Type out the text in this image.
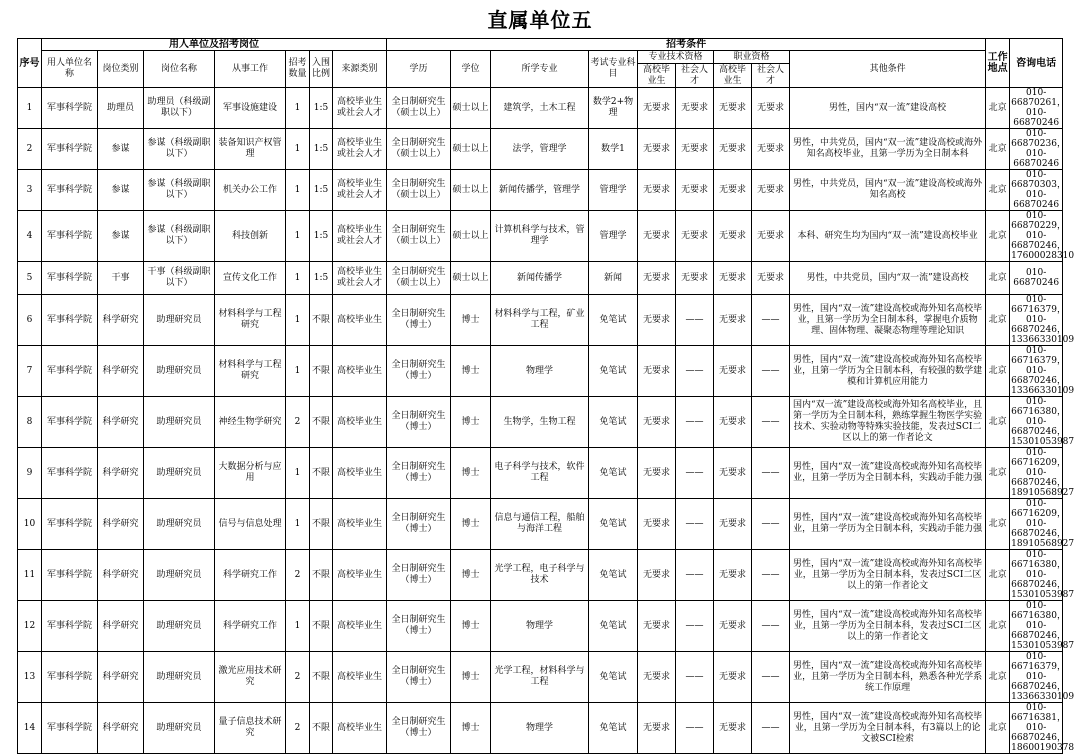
直属单位五
序号	用人单位及招考岗位							招考条件									工作地点	咨询电话
	用人单位名　称	岗位类别	岗位名称	从事工作	招考数量	入围比例	来源类别	学历	学位	所学专业	考试专业科　目	专业技术资格		职业资格		其他条件		
												高校毕业生	社会人才	高校毕业生	社会人才			
1	军事科学院	助理员	助理员（科级副职以下）	军事设施建设	1	1:5	高校毕业生或社会人才	全日制研究生（硕士以上）	硕士以上	建筑学，土木工程	数学2+物理	无要求	无要求	无要求	无要求	男性，国内“双一流”建设高校	北京	010-66870261，010-66870246
2	军事科学院	参谋	参谋（科级副职以下）	装备知识产权管理	1	1:5	高校毕业生或社会人才	全日制研究生（硕士以上）	硕士以上	法学，管理学	数学1	无要求	无要求	无要求	无要求	男性，中共党员，国内“双一流”建设高校或海外知名高校毕业，且第一学历为全日制本科	北京	010-66870236，010-66870246
3	军事科学院	参谋	参谋（科级副职以下）	机关办公工作	1	1:5	高校毕业生或社会人才	全日制研究生（硕士以上）	硕士以上	新闻传播学，管理学	管理学	无要求	无要求	无要求	无要求	男性，中共党员，国内“双一流”建设高校或海外知名高校	北京	010-66870303，010-66870246
4	军事科学院	参谋	参谋（科级副职以下）	科技创新	1	1:5	高校毕业生或社会人才	全日制研究生（硕士以上）	硕士以上	计算机科学与技术，管理学	管理学	无要求	无要求	无要求	无要求	本科、研究生均为国内“双一流”建设高校毕业	北京	010-66870229，010-66870246，17600028310
5	军事科学院	干事	干事（科级副职以下）	宣传文化工作	1	1:5	高校毕业生或社会人才	全日制研究生（硕士以上）	硕士以上	新闻传播学	新闻	无要求	无要求	无要求	无要求	男性，中共党员，国内“双一流”建设高校	北京	010-66870246
6	军事科学院	科学研究	助理研究员	材料科学与工程研究	1	不限	高校毕业生	全日制研究生（博士）	博士	材料科学与工程，矿业工程	免笔试	无要求	——	无要求	——	男性，国内“双一流”建设高校或海外知名高校毕业，且第一学历为全日制本科，掌握电介质物理、固体物理、凝聚态物理等理论知识	北京	010-66716379，010-66870246，13366330109
7	军事科学院	科学研究	助理研究员	材料科学与工程研究	1	不限	高校毕业生	全日制研究生（博士）	博士	物理学	免笔试	无要求	——	无要求	——	男性，国内“双一流”建设高校或海外知名高校毕业，且第一学历为全日制本科，有较强的数学建模和计算机应用能力	北京	010-66716379，010-66870246，13366330109
8	军事科学院	科学研究	助理研究员	神经生物学研究	2	不限	高校毕业生	全日制研究生（博士）	博士	生物学，生物工程	免笔试	无要求	——	无要求	——	国内“双一流”建设高校或海外知名高校毕业，且第一学历为全日制本科，熟练掌握生物医学实验技术、实验动物等特殊实验技能，发表过SCI二区以上的第一作者论文	北京	010-66716380，010-66870246，15301053987
9	军事科学院	科学研究	助理研究员	大数据分析与应用	1	不限	高校毕业生	全日制研究生（博士）	博士	电子科学与技术，软件工程	免笔试	无要求	——	无要求	——	男性，国内“双一流”建设高校或海外知名高校毕业，且第一学历为全日制本科，实践动手能力强	北京	010-66716209，010-66870246，18910568927
10	军事科学院	科学研究	助理研究员	信号与信息处理	1	不限	高校毕业生	全日制研究生（博士）	博士	信息与通信工程，船舶与海洋工程	免笔试	无要求	——	无要求	——	男性，国内“双一流”建设高校或海外知名高校毕业，且第一学历为全日制本科，实践动手能力强	北京	010-66716209，010-66870246，18910568927
11	军事科学院	科学研究	助理研究员	科学研究工作	2	不限	高校毕业生	全日制研究生（博士）	博士	光学工程，电子科学与技术	免笔试	无要求	——	无要求	——	男性，国内“双一流”建设高校或海外知名高校毕业，且第一学历为全日制本科，发表过SCI二区以上的第一作者论文	北京	010-66716380，010-66870246，15301053987
12	军事科学院	科学研究	助理研究员	科学研究工作	1	不限	高校毕业生	全日制研究生（博士）	博士	物理学	免笔试	无要求	——	无要求	——	男性，国内“双一流”建设高校或海外知名高校毕业，且第一学历为全日制本科，发表过SCI二区以上的第一作者论文	北京	010-66716380，010-66870246，15301053987
13	军事科学院	科学研究	助理研究员	激光应用技术研究	2	不限	高校毕业生	全日制研究生（博士）	博士	光学工程，材料科学与工程	免笔试	无要求	——	无要求	——	男性，国内“双一流”建设高校或海外知名高校毕业，且第一学历为全日制本科，熟悉各种光学系统工作原理	北京	010-66716379，010-66870246，13366330109
14	军事科学院	科学研究	助理研究员	量子信息技术研究	2	不限	高校毕业生	全日制研究生（博士）	博士	物理学	免笔试	无要求	——	无要求	——	男性，国内“双一流”建设高校或海外知名高校毕业，且第一学历为全日制本科，有3篇以上的论文被SCI检索	北京	010-66716381，010-66870246，18600190378
